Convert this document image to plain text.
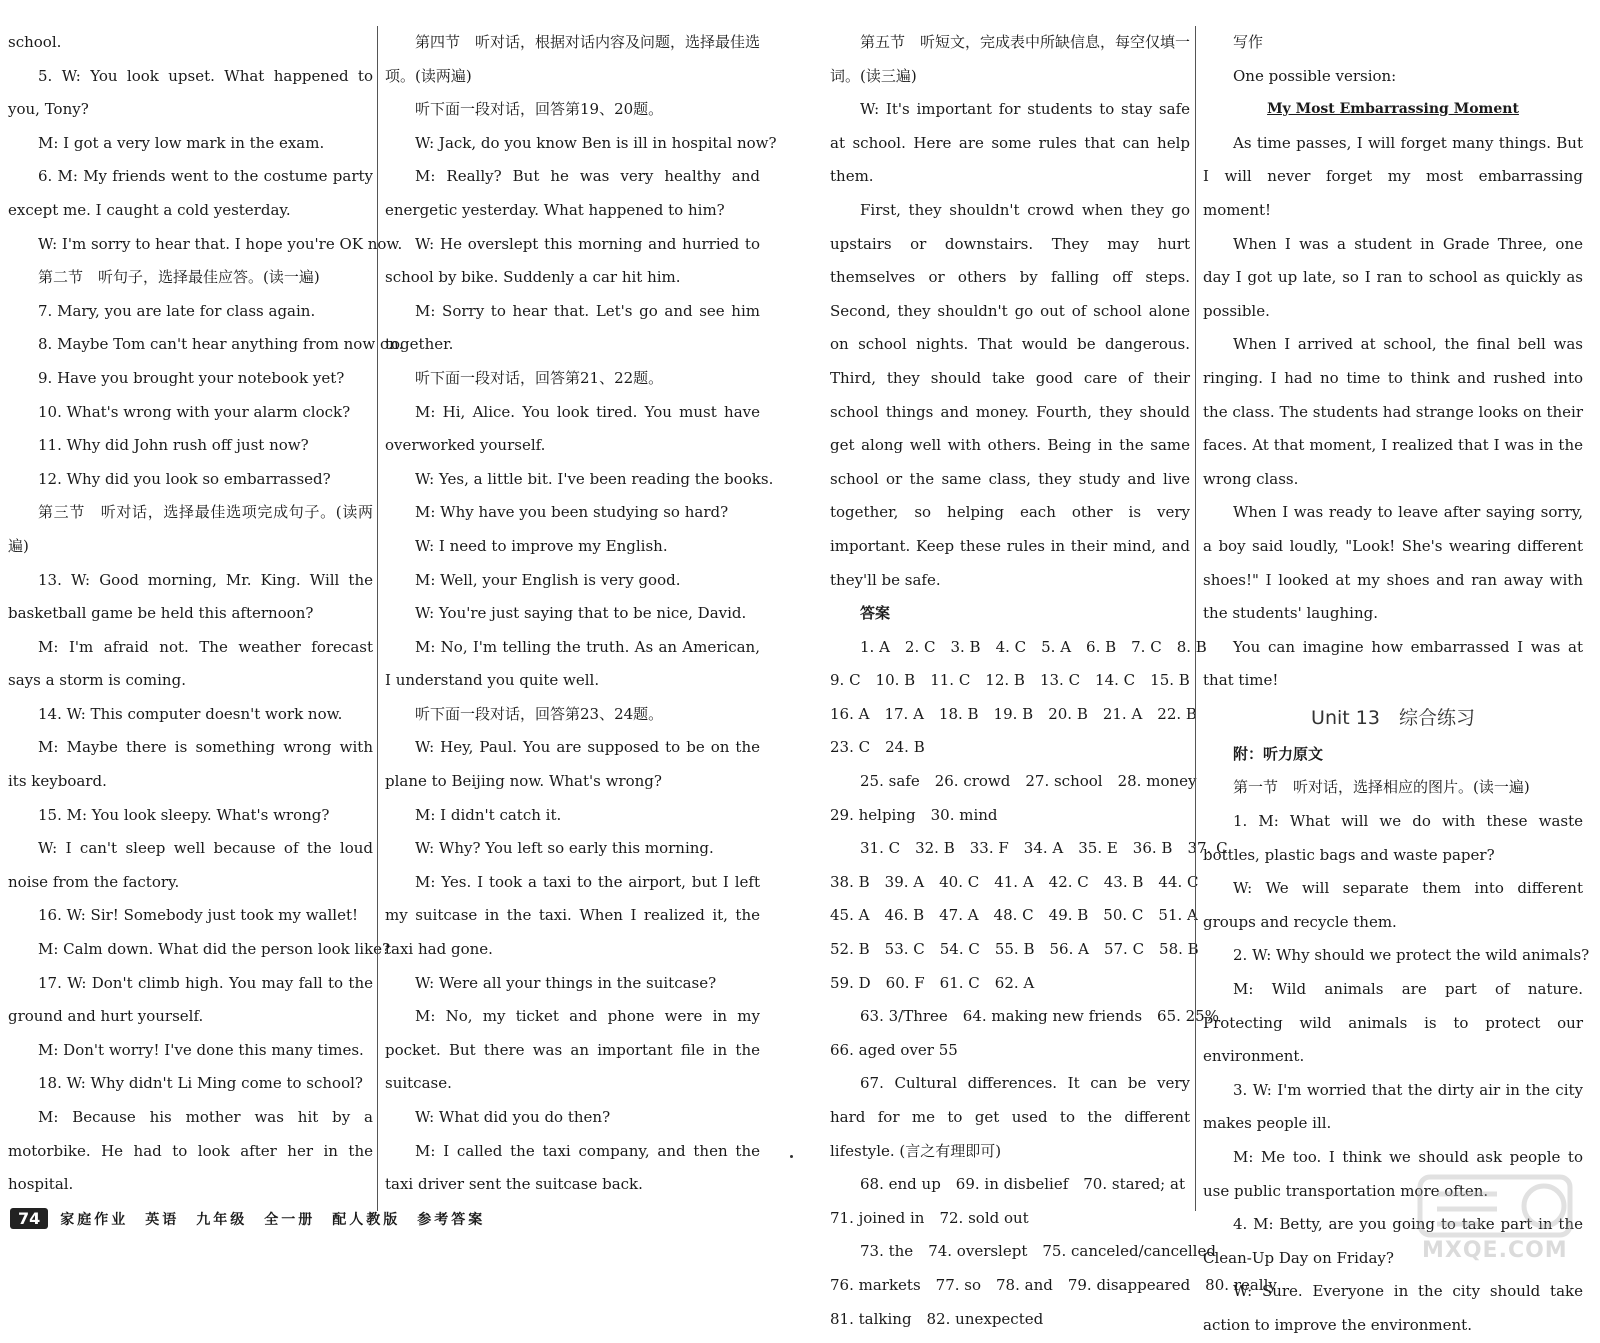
school.

5. W: You look upset. What happened to you, Tony?

M: I got a very low mark in the exam.

6. M: My friends went to the costume party except me. I caught a cold yesterday.

W: I'm sorry to hear that. I hope you're OK now.

第二节　听句子，选择最佳应答。(读一遍)

7. Mary, you are late for class again.

8. Maybe Tom can't hear anything from now on.

9. Have you brought your notebook yet?

10. What's wrong with your alarm clock?

11. Why did John rush off just now?

12. Why did you look so embarrassed?

第三节　听对话，选择最佳选项完成句子。(读两遍)

13. W: Good morning, Mr. King. Will the basketball game be held this afternoon?

M: I'm afraid not. The weather forecast says a storm is coming.

14. W: This computer doesn't work now.

M: Maybe there is something wrong with its keyboard.

15. M: You look sleepy. What's wrong?

W: I can't sleep well because of the loud noise from the factory.

16. W: Sir! Somebody just took my wallet!

M: Calm down. What did the person look like?

17. W: Don't climb high. You may fall to the ground and hurt yourself.

M: Don't worry! I've done this many times.

18. W: Why didn't Li Ming come to school?

M: Because his mother was hit by a motorbike. He had to look after her in the hospital.

第四节　听对话，根据对话内容及问题，选择最佳选项。(读两遍)

听下面一段对话，回答第19、20题。

W: Jack, do you know Ben is ill in hospital now?

M: Really? But he was very healthy and energetic yesterday. What happened to him?

W: He overslept this morning and hurried to school by bike. Suddenly a car hit him.

M: Sorry to hear that. Let's go and see him together.

听下面一段对话，回答第21、22题。

M: Hi, Alice. You look tired. You must have overworked yourself.

W: Yes, a little bit. I've been reading the books.

M: Why have you been studying so hard?

W: I need to improve my English.

M: Well, your English is very good.

W: You're just saying that to be nice, David.

M: No, I'm telling the truth. As an American, I understand you quite well.

听下面一段对话，回答第23、24题。

W: Hey, Paul. You are supposed to be on the plane to Beijing now. What's wrong?

M: I didn't catch it.

W: Why? You left so early this morning.

M: Yes. I took a taxi to the airport, but I left my suitcase in the taxi. When I realized it, the taxi had gone.

W: Were all your things in the suitcase?

M: No, my ticket and phone were in my pocket. But there was an important file in the suitcase.

W: What did you do then?

M: I called the taxi company, and then the taxi driver sent the suitcase back.

74	家庭作业　英语　九年级　全一册　配人教版　参考答案

第五节　听短文，完成表中所缺信息，每空仅填一词。(读三遍)

W: It's important for students to stay safe at school. Here are some rules that can help them.

First, they shouldn't crowd when they go upstairs or downstairs. They may hurt themselves or others by falling off steps. Second, they shouldn't go out of school alone on school nights. That would be dangerous. Third, they should take good care of their school things and money. Fourth, they should get along well with others. Being in the same school or the same class, they study and live together, so helping each other is very important. Keep these rules in their mind, and they'll be safe.

答案

1. A　2. C　3. B　4. C　5. A　6. B　7. C　8. B

9. C　10. B　11. C　12. B　13. C　14. C　15. B

16. A　17. A　18. B　19. B　20. B　21. A　22. B

23. C　24. B

25. safe　26. crowd　27. school　28. money

29. helping　30. mind

31. C　32. B　33. F　34. A　35. E　36. B　37. C

38. B　39. A　40. C　41. A　42. C　43. B　44. C

45. A　46. B　47. A　48. C　49. B　50. C　51. A

52. B　53. C　54. C　55. B　56. A　57. C　58. B

59. D　60. F　61. C　62. A

63. 3/Three　64. making new friends　65. 25%

66. aged over 55

67. Cultural differences. It can be very hard for me to get used to the different lifestyle. (言之有理即可)

68. end up　69. in disbelief　70. stared; at

71. joined in　72. sold out

73. the　74. overslept　75. canceled/cancelled

76. markets　77. so　78. and　79. disappeared　80. really

81. talking　82. unexpected

写作

One possible version:

My Most Embarrassing Moment

As time passes, I will forget many things. But I will never forget my most embarrassing moment!

When I was a student in Grade Three, one day I got up late, so I ran to school as quickly as possible.

When I arrived at school, the final bell was ringing. I had no time to think and rushed into the class. The students had strange looks on their faces. At that moment, I realized that I was in the wrong class.

When I was ready to leave after saying sorry, a boy said loudly, "Look! She's wearing different shoes!" I looked at my shoes and ran away with the students' laughing.

You can imagine how embarrassed I was at that time!

Unit 13　综合练习

附：听力原文

第一节　听对话，选择相应的图片。(读一遍)

1. M: What will we do with these waste bottles, plastic bags and waste paper?

W: We will separate them into different groups and recycle them.

2. W: Why should we protect the wild animals?

M: Wild animals are part of nature. Protecting wild animals is to protect our environment.

3. W: I'm worried that the dirty air in the city makes people ill.

M: Me too. I think we should ask people to use public transportation more often.

4. M: Betty, are you going to take part in the Clean-Up Day on Friday?

W: Sure. Everyone in the city should take action to improve the environment.

MXQE.COM
